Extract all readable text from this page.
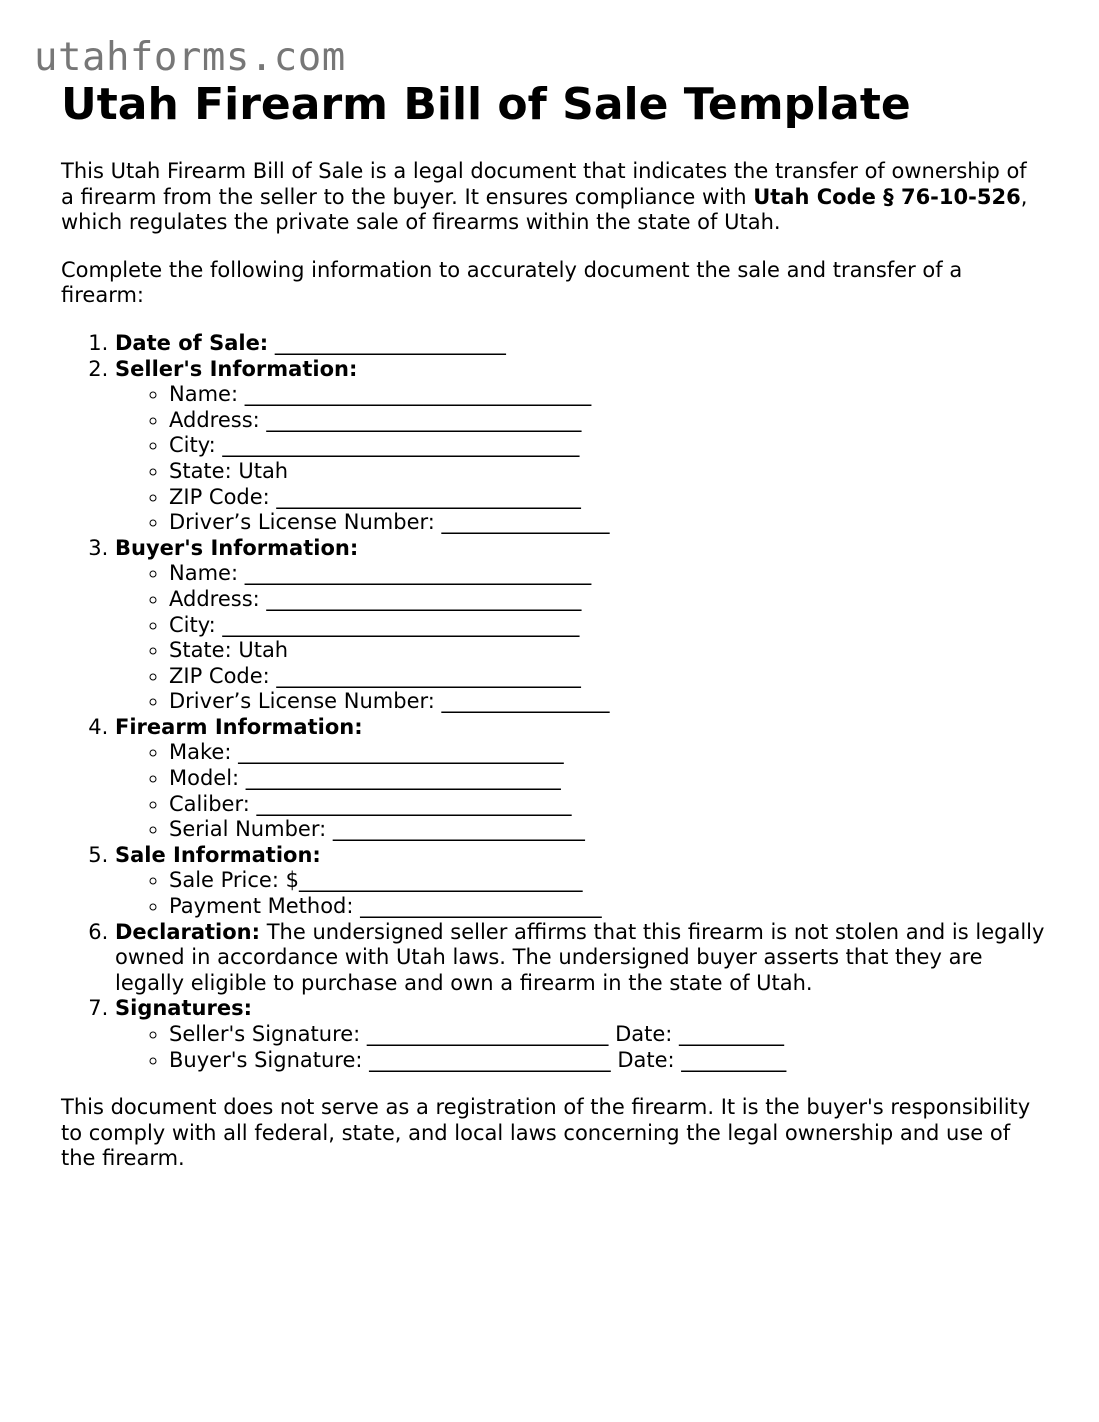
utahforms.com
Utah Firearm Bill of Sale Template

This Utah Firearm Bill of Sale is a legal document that indicates the transfer of ownership of a firearm from the seller to the buyer. It ensures compliance with Utah Code § 76-10-526, which regulates the private sale of firearms within the state of Utah.

Complete the following information to accurately document the sale and transfer of a firearm:

1. Date of Sale: ______________________
2. Seller's Information:
◦ Name: _________________________________
◦ Address: ______________________________
◦ City: __________________________________
◦ State: Utah
◦ ZIP Code: _____________________________
◦ Driver’s License Number: ________________
3. Buyer's Information:
◦ Name: _________________________________
◦ Address: ______________________________
◦ City: __________________________________
◦ State: Utah
◦ ZIP Code: _____________________________
◦ Driver’s License Number: ________________
4. Firearm Information:
◦ Make: _______________________________
◦ Model: ______________________________
◦ Caliber: ______________________________
◦ Serial Number: ________________________
5. Sale Information:
◦ Sale Price: $___________________________
◦ Payment Method: _______________________
6. Declaration: The undersigned seller affirms that this firearm is not stolen and is legally owned in accordance with Utah laws. The undersigned buyer asserts that they are legally eligible to purchase and own a firearm in the state of Utah.
7. Signatures:
◦ Seller's Signature: _______________________ Date: __________
◦ Buyer's Signature: _______________________ Date: __________

This document does not serve as a registration of the firearm. It is the buyer's responsibility to comply with all federal, state, and local laws concerning the legal ownership and use of the firearm.
